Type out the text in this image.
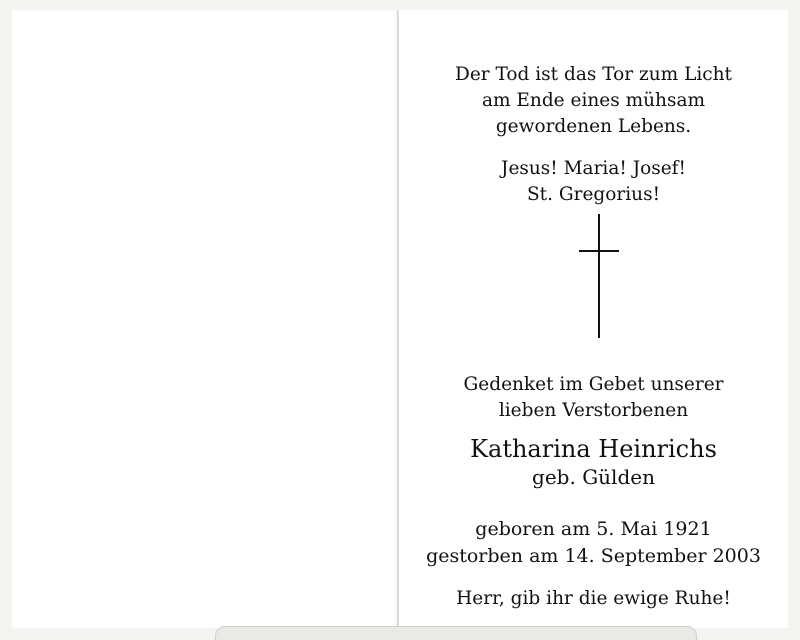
Der Tod ist das Tor zum Licht
am Ende eines mühsam
gewordenen Lebens.
Jesus! Maria! Josef!
St. Gregorius!
Gedenket im Gebet unserer
lieben Verstorbenen
Katharina Heinrichs
geb. Gülden
geboren am 5. Mai 1921
gestorben am 14. September 2003
Herr, gib ihr die ewige Ruhe!
